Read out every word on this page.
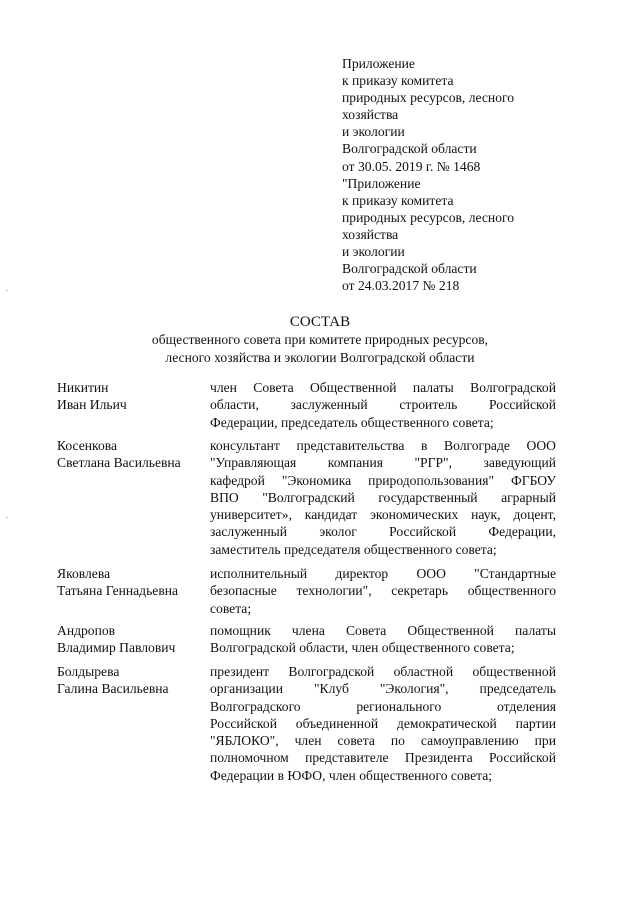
Приложение
к приказу комитета
природных ресурсов, лесного
хозяйства
и экологии
Волгоградской области
от 30.05. 2019 г. № 1468
"Приложение
к приказу комитета
природных ресурсов, лесного
хозяйства
и экологии
Волгоградской области
от 24.03.2017 № 218
СОСТАВ
общественного совета при комитете природных ресурсов,
лесного хозяйства и экологии Волгоградской области
Никитин
Иван Ильич
член Совета Общественной палаты Волгоградской
области, заслуженный строитель Российской
Федерации, председатель общественного совета;
Косенкова
Светлана Васильевна
консультант представительства в Волгограде ООО
"Управляющая компания "РГР", заведующий
кафедрой "Экономика природопользования" ФГБОУ
ВПО "Волгоградский государственный аграрный
университет», кандидат экономических наук, доцент,
заслуженный эколог Российской Федерации,
заместитель председателя общественного совета;
Яковлева
Татьяна Геннадьевна
исполнительный директор ООО "Стандартные
безопасные технологии", секретарь общественного
совета;
Андропов
Владимир Павлович
помощник члена Совета Общественной палаты
Волгоградской области, член общественного совета;
Болдырева
Галина Васильевна
президент Волгоградской областной общественной
организации "Клуб "Экология", председатель
Волгоградского регионального отделения
Российской объединенной демократической партии
"ЯБЛОКО", член совета по самоуправлению при
полномочном представителе Президента Российской
Федерации в ЮФО, член общественного совета;
